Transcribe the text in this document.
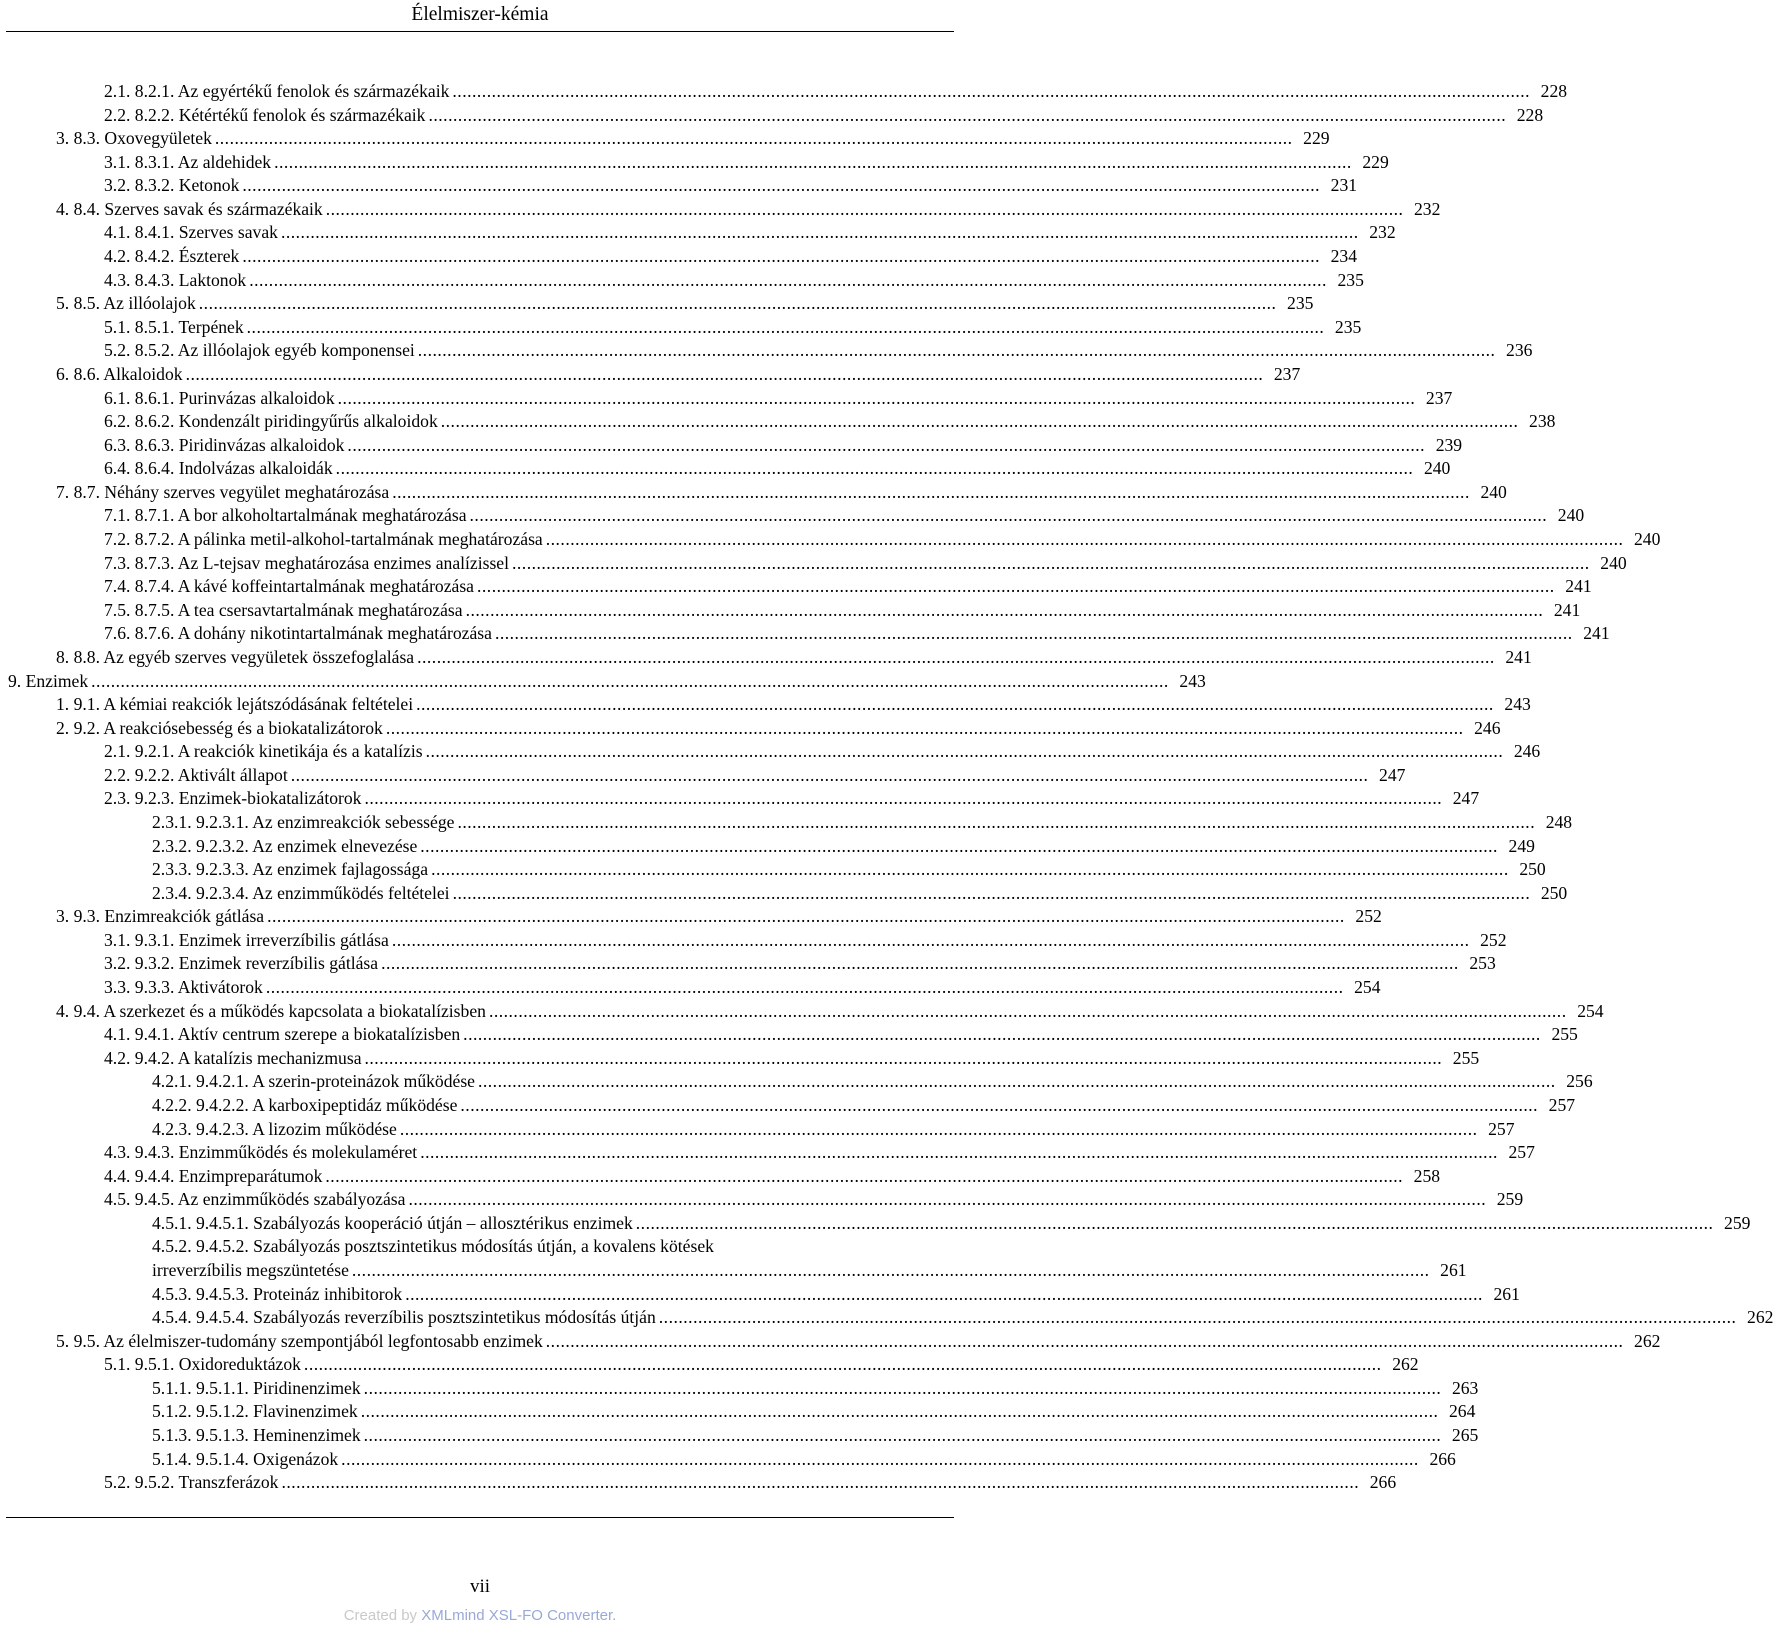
Élelmiszer-kémia
2.1. 8.2.1. Az egyértékű fenolok és származékaik ............................................................................................................................................................................................................................ 228
2.2. 8.2.2. Kétértékű fenolok és származékaik ............................................................................................................................................................................................................................ 228
3. 8.3. Oxovegyületek ............................................................................................................................................................................................................................ 229
3.1. 8.3.1. Az aldehidek ............................................................................................................................................................................................................................ 229
3.2. 8.3.2. Ketonok ............................................................................................................................................................................................................................ 231
4. 8.4. Szerves savak és származékaik ............................................................................................................................................................................................................................ 232
4.1. 8.4.1. Szerves savak ............................................................................................................................................................................................................................ 232
4.2. 8.4.2. Észterek ............................................................................................................................................................................................................................ 234
4.3. 8.4.3. Laktonok ............................................................................................................................................................................................................................ 235
5. 8.5. Az illóolajok ............................................................................................................................................................................................................................ 235
5.1. 8.5.1. Terpének ............................................................................................................................................................................................................................ 235
5.2. 8.5.2. Az illóolajok egyéb komponensei ............................................................................................................................................................................................................................ 236
6. 8.6. Alkaloidok ............................................................................................................................................................................................................................ 237
6.1. 8.6.1. Purinvázas alkaloidok ............................................................................................................................................................................................................................ 237
6.2. 8.6.2. Kondenzált piridingyűrűs alkaloidok ............................................................................................................................................................................................................................ 238
6.3. 8.6.3. Piridinvázas alkaloidok ............................................................................................................................................................................................................................ 239
6.4. 8.6.4. Indolvázas alkaloidák ............................................................................................................................................................................................................................ 240
7. 8.7. Néhány szerves vegyület meghatározása ............................................................................................................................................................................................................................ 240
7.1. 8.7.1. A bor alkoholtartalmának meghatározása ............................................................................................................................................................................................................................ 240
7.2. 8.7.2. A pálinka metil-alkohol-tartalmának meghatározása ............................................................................................................................................................................................................................ 240
7.3. 8.7.3. Az L-tejsav meghatározása enzimes analízissel ............................................................................................................................................................................................................................ 240
7.4. 8.7.4. A kávé koffeintartalmának meghatározása ............................................................................................................................................................................................................................ 241
7.5. 8.7.5. A tea csersavtartalmának meghatározása ............................................................................................................................................................................................................................ 241
7.6. 8.7.6. A dohány nikotintartalmának meghatározása ............................................................................................................................................................................................................................ 241
8. 8.8. Az egyéb szerves vegyületek összefoglalása ............................................................................................................................................................................................................................ 241
9. Enzimek ............................................................................................................................................................................................................................ 243
1. 9.1. A kémiai reakciók lejátszódásának feltételei ............................................................................................................................................................................................................................ 243
2. 9.2. A reakciósebesség és a biokatalizátorok ............................................................................................................................................................................................................................ 246
2.1. 9.2.1. A reakciók kinetikája és a katalízis ............................................................................................................................................................................................................................ 246
2.2. 9.2.2. Aktivált állapot ............................................................................................................................................................................................................................ 247
2.3. 9.2.3. Enzimek-biokatalizátorok ............................................................................................................................................................................................................................ 247
2.3.1. 9.2.3.1. Az enzimreakciók sebessége ............................................................................................................................................................................................................................ 248
2.3.2. 9.2.3.2. Az enzimek elnevezése ............................................................................................................................................................................................................................ 249
2.3.3. 9.2.3.3. Az enzimek fajlagossága ............................................................................................................................................................................................................................ 250
2.3.4. 9.2.3.4. Az enzimműködés feltételei ............................................................................................................................................................................................................................ 250
3. 9.3. Enzimreakciók gátlása ............................................................................................................................................................................................................................ 252
3.1. 9.3.1. Enzimek irreverzíbilis gátlása ............................................................................................................................................................................................................................ 252
3.2. 9.3.2. Enzimek reverzíbilis gátlása ............................................................................................................................................................................................................................ 253
3.3. 9.3.3. Aktivátorok ............................................................................................................................................................................................................................ 254
4. 9.4. A szerkezet és a működés kapcsolata a biokatalízisben ............................................................................................................................................................................................................................ 254
4.1. 9.4.1. Aktív centrum szerepe a biokatalízisben ............................................................................................................................................................................................................................ 255
4.2. 9.4.2. A katalízis mechanizmusa ............................................................................................................................................................................................................................ 255
4.2.1. 9.4.2.1. A szerin-proteinázok működése ............................................................................................................................................................................................................................ 256
4.2.2. 9.4.2.2. A karboxipeptidáz működése ............................................................................................................................................................................................................................ 257
4.2.3. 9.4.2.3. A lizozim működése ............................................................................................................................................................................................................................ 257
4.3. 9.4.3. Enzimműködés és molekulaméret ............................................................................................................................................................................................................................ 257
4.4. 9.4.4. Enzimpreparátumok ............................................................................................................................................................................................................................ 258
4.5. 9.4.5. Az enzimműködés szabályozása ............................................................................................................................................................................................................................ 259
4.5.1. 9.4.5.1. Szabályozás kooperáció útján – allosztérikus enzimek ............................................................................................................................................................................................................................ 259
4.5.2. 9.4.5.2. Szabályozás posztszintetikus módosítás útján, a kovalens kötések
irreverzíbilis megszüntetése ............................................................................................................................................................................................................................ 261
4.5.3. 9.4.5.3. Proteináz inhibitorok ............................................................................................................................................................................................................................ 261
4.5.4. 9.4.5.4. Szabályozás reverzíbilis posztszintetikus módosítás útján ............................................................................................................................................................................................................................ 262
5. 9.5. Az élelmiszer-tudomány szempontjából legfontosabb enzimek ............................................................................................................................................................................................................................ 262
5.1. 9.5.1. Oxidoreduktázok ............................................................................................................................................................................................................................ 262
5.1.1. 9.5.1.1. Piridinenzimek ............................................................................................................................................................................................................................ 263
5.1.2. 9.5.1.2. Flavinenzimek ............................................................................................................................................................................................................................ 264
5.1.3. 9.5.1.3. Heminenzimek ............................................................................................................................................................................................................................ 265
5.1.4. 9.5.1.4. Oxigenázok ............................................................................................................................................................................................................................ 266
5.2. 9.5.2. Transzferázok ............................................................................................................................................................................................................................ 266
vii
Created by XMLmind XSL-FO Converter.
